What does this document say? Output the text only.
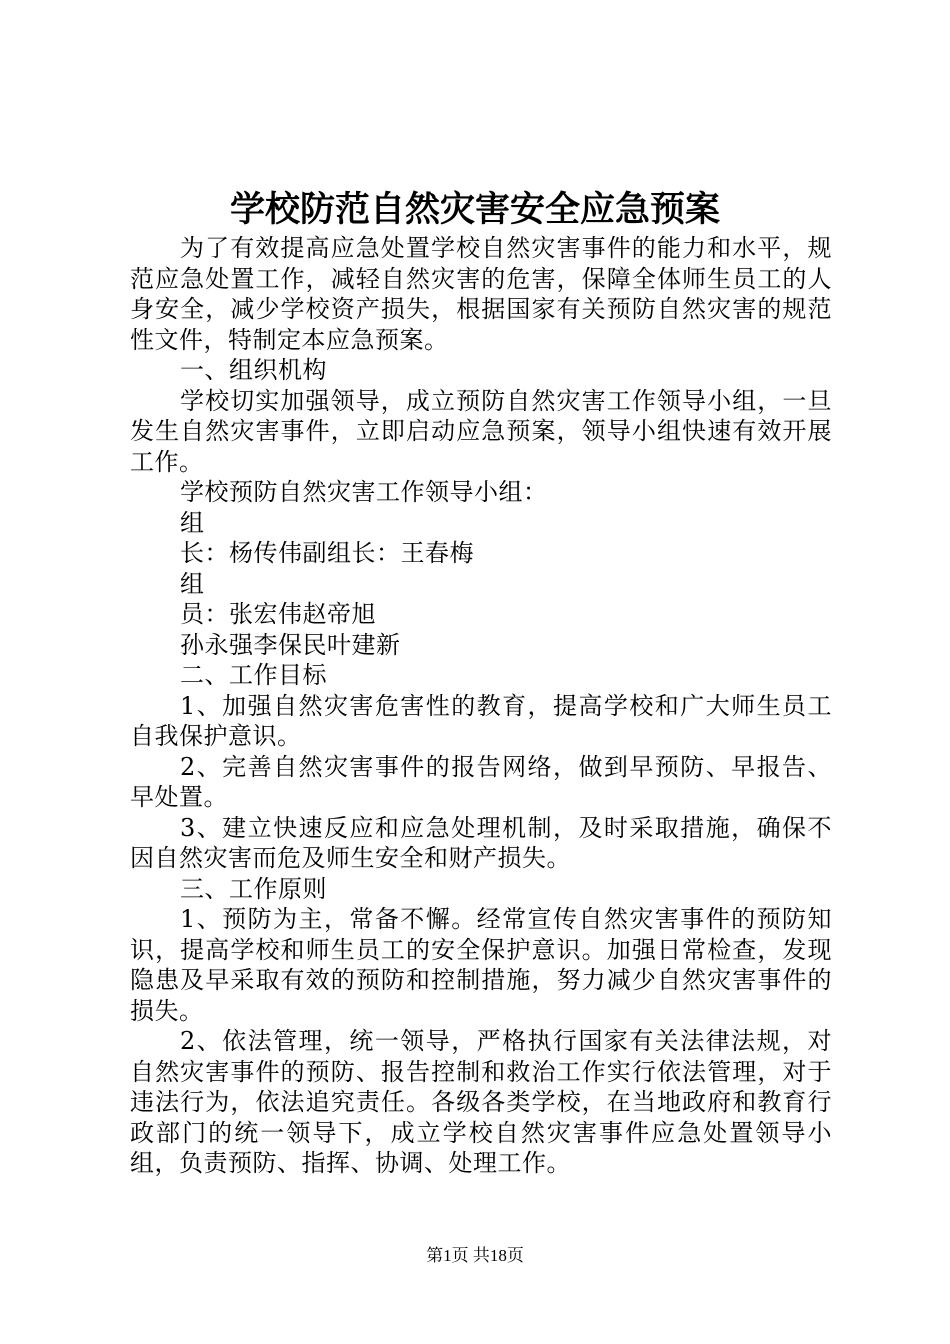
学校防范自然灾害安全应急预案

为了有效提高应急处置学校自然灾害事件的能力和水平，规范应急处置工作，减轻自然灾害的危害，保障全体师生员工的人身安全，减少学校资产损失，根据国家有关预防自然灾害的规范性文件，特制定本应急预案。

一、组织机构

学校切实加强领导，成立预防自然灾害工作领导小组，一旦发生自然灾害事件，立即启动应急预案，领导小组快速有效开展工作。

学校预防自然灾害工作领导小组：

组

长：杨传伟副组长：王春梅

组

员：张宏伟赵帝旭

孙永强李保民叶建新

二、工作目标

1、加强自然灾害危害性的教育，提高学校和广大师生员工自我保护意识。

2、完善自然灾害事件的报告网络，做到早预防、早报告、早处置。

3、建立快速反应和应急处理机制，及时采取措施，确保不因自然灾害而危及师生安全和财产损失。

三、工作原则

1、预防为主，常备不懈。经常宣传自然灾害事件的预防知识，提高学校和师生员工的安全保护意识。加强日常检查，发现隐患及早采取有效的预防和控制措施，努力减少自然灾害事件的损失。

2、依法管理，统一领导，严格执行国家有关法律法规，对自然灾害事件的预防、报告控制和救治工作实行依法管理，对于违法行为，依法追究责任。各级各类学校，在当地政府和教育行政部门的统一领导下，成立学校自然灾害事件应急处置领导小组，负责预防、指挥、协调、处理工作。

第1页 共18页
